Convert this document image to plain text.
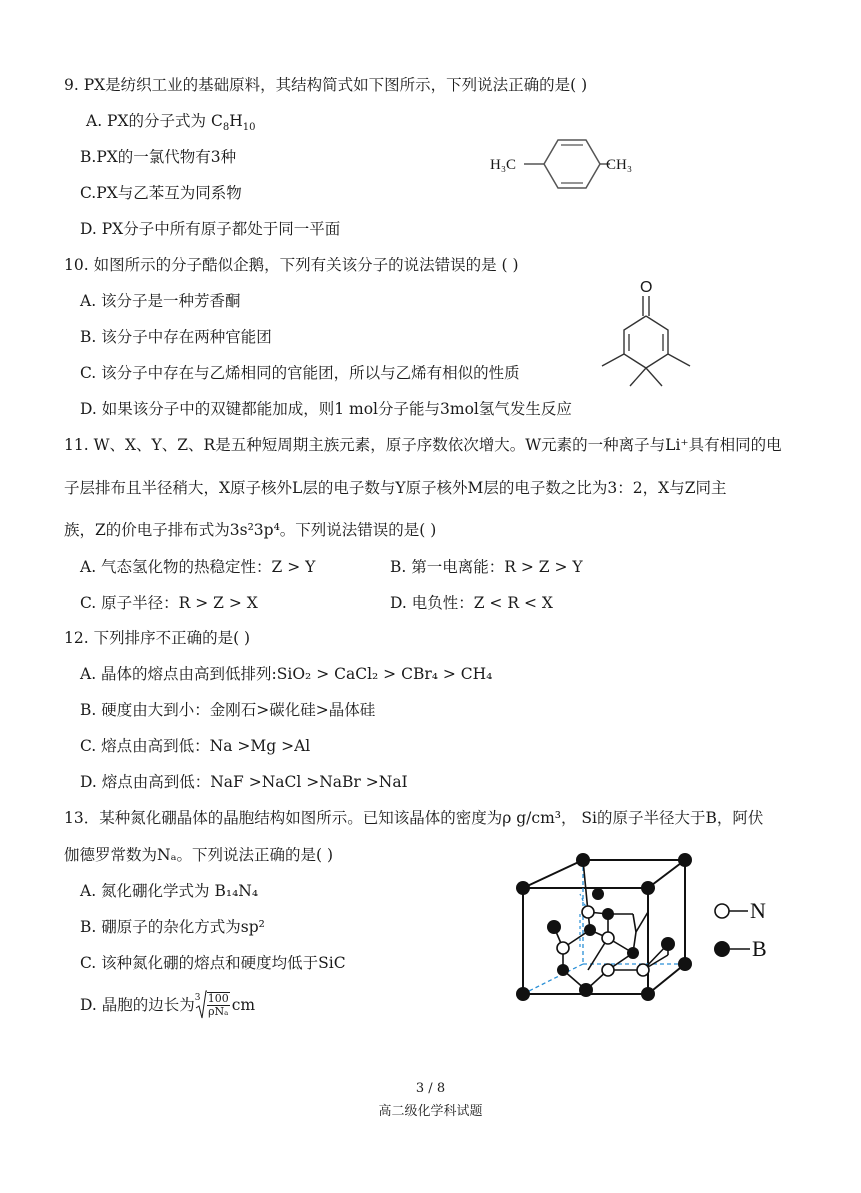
9. PX是纺织工业的基础原料，其结构简式如下图所示，下列说法正确的是( )
A. PX的分子式为 $C_8H_{10}$
B.PX的一氯代物有3种
C.PX与乙苯互为同系物
D. PX分子中所有原子都处于同一平面
H₃C	CH₃
10. 如图所示的分子酷似企鹅，下列有关该分子的说法错误的是 ( )
A. 该分子是一种芳香酮
B. 该分子中存在两种官能团
C. 该分子中存在与乙烯相同的官能团，所以与乙烯有相似的性质
D. 如果该分子中的双键都能加成，则1 mol分子能与3mol氢气发生反应
O
11. W、X、Y、Z、R是五种短周期主族元素，原子序数依次增大。W元素的一种离子与Li⁺具有相同的电
子层排布且半径稍大，X原子核外L层的电子数与Y原子核外M层的电子数之比为3：2，X与Z同主
族，Z的价电子排布式为3s²3p⁴。下列说法错误的是( )
A. 气态氢化物的热稳定性：Z > Y	B. 第一电离能：R > Z > Y
C. 原子半径：R > Z > X	D. 电负性：Z < R < X
12. 下列排序不正确的是( )
A. 晶体的熔点由高到低排列:SiO₂ > CaCl₂ > CBr₄ > CH₄
B. 硬度由大到小：金刚石>碳化硅>晶体硅
C. 熔点由高到低：Na >Mg >Al
D. 熔点由高到低：NaF >NaCl >NaBr >NaI
13．某种氮化硼晶体的晶胞结构如图所示。已知该晶体的密度为ρ g/cm³， Si的原子半径大于B，阿伏
伽德罗常数为Nₐ。下列说法正确的是( )
A. 氮化硼化学式为 B₁₄N₄
B. 硼原子的杂化方式为sp²
C. 该种氮化硼的熔点和硬度均低于SiC
D. 晶胞的边长为 $3 \frac{100}{\text{ρNₐ}}$ cm
N
B
3 / 8
高二级化学科试题
